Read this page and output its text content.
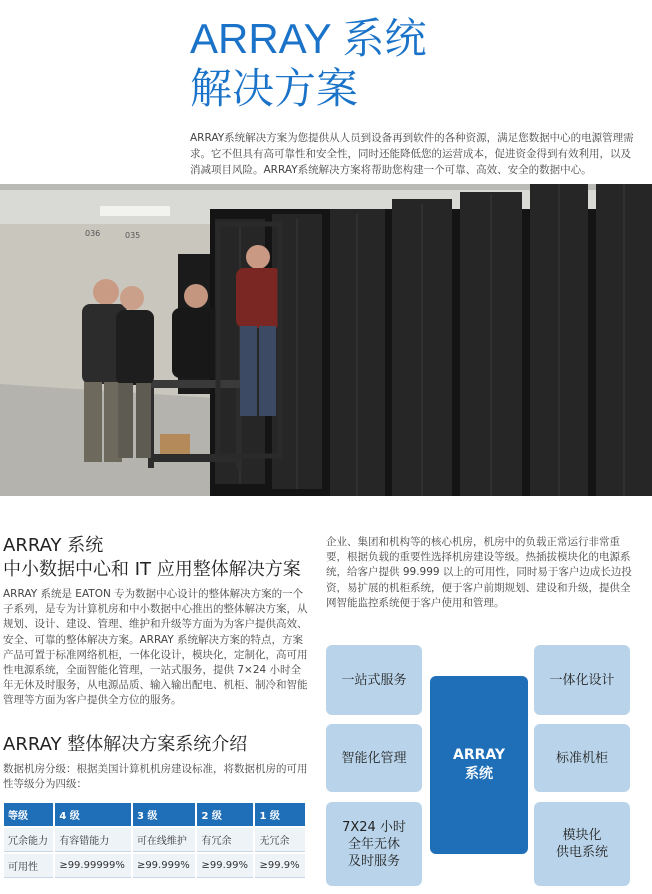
ARRAY 系统
解决方案

ARRAY系统解决方案为您提供从人员到设备再到软件的各种资源，满足您数据中心的电源管理需求。它不但具有高可靠性和安全性，同时还能降低您的运营成本，促进资金得到有效利用，以及消减项目风险。ARRAY系统解决方案将帮助您构建一个可靠、高效、安全的数据中心。

036	035
ARRAY 系统
中小数据中心和 IT 应用整体解决方案

ARRAY 系统是 EATON 专为数据中心设计的整体解决方案的一个子系列，是专为计算机房和中小数据中心推出的整体解决方案，从规划、设计、建设、管理、维护和升级等方面为为客户提供高效、安全、可靠的整体解决方案。ARRAY 系统解决方案的特点，方案产品可置于标准网络机柜，一体化设计，模块化，定制化，高可用性电源系统，全面智能化管理，一站式服务，提供 7×24 小时全年无休及时服务，从电源品质、输入输出配电、机柜、制冷和智能管理等方面为客户提供全方位的服务。

企业、集团和机构等的核心机房，机房中的负载正常运行非常重要，根据负载的重要性选择机房建设等级。热插拔模块化的电源系统，给客户提供 99.999 以上的可用性，同时易于客户边成长边投资，易扩展的机柜系统，便于客户前期规划、建设和升级，提供全网智能监控系统便于客户使用和管理。

ARRAY 整体解决方案系统介绍

数据机房分级：根据美国计算机机房建设标准，将数据机房的可用性等级分为四级：

等级	4 级	3 级	2 级	1 级
冗余能力	有容错能力	可在线维护	有冗余	无冗余
可用性	≥99.99999%	≥99.999%	≥99.99%	≥99.9%
一站式服务
智能化管理
7X24 小时
全年无休
及时服务
ARRAY
系统
一体化设计
标准机柜
模块化
供电系统
